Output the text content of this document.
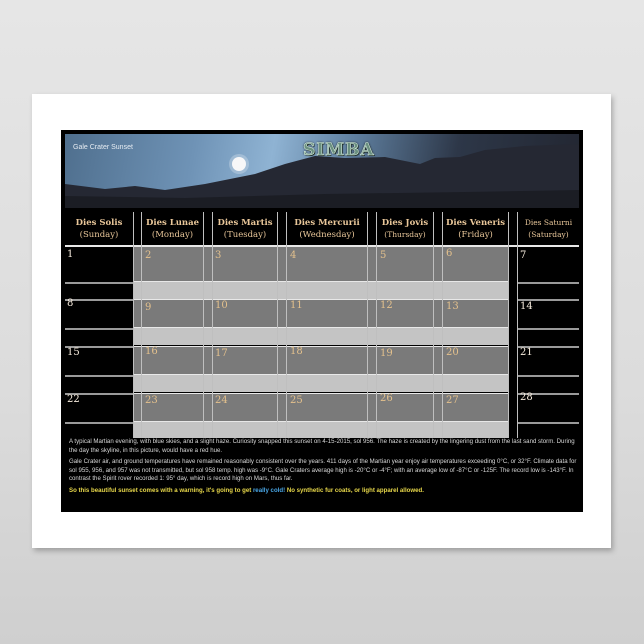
Gale Crater Sunset	SIMBA
Dies Solis
(Sunday)
Dies Lunae
(Monday)
Dies Martis
(Tuesday)
Dies Mercurii
(Wednesday)
Dies Jovis
(Thursday)
Dies Veneris
(Friday)
Dies Saturni
(Saturday)
1	2	3	4	5	6	7
8	9	10	11	12	13	14
15	16	17	18	19	20	21
22	23	24	25	26	27	28

A typical Martian evening, with blue skies, and a slight haze. Curiosity snapped this sunset on 4-15-2015, sol 956. The haze is created by the lingering dust from the last sand storm. During the day the skyline, in this picture, would have a red hue.

Gale Crater air, and ground temperatures have remained reasonably consistent over the years. 411 days of the Martian year enjoy air temperatures exceeding 0°C, or 32°F. Climate data for sol 955, 956, and 957 was not transmitted, but sol 958 temp. high was -9°C. Gale Craters average high is -20°C or -4°F; with an average low of -87°C or -125F. The record low is -143°F. In contrast the Spirit rover recorded 1: 95° day, which is record high on Mars, thus far.

So this beautiful sunset comes with a warning, it's going to get really cold! No synthetic fur coats, or light apparel allowed.
